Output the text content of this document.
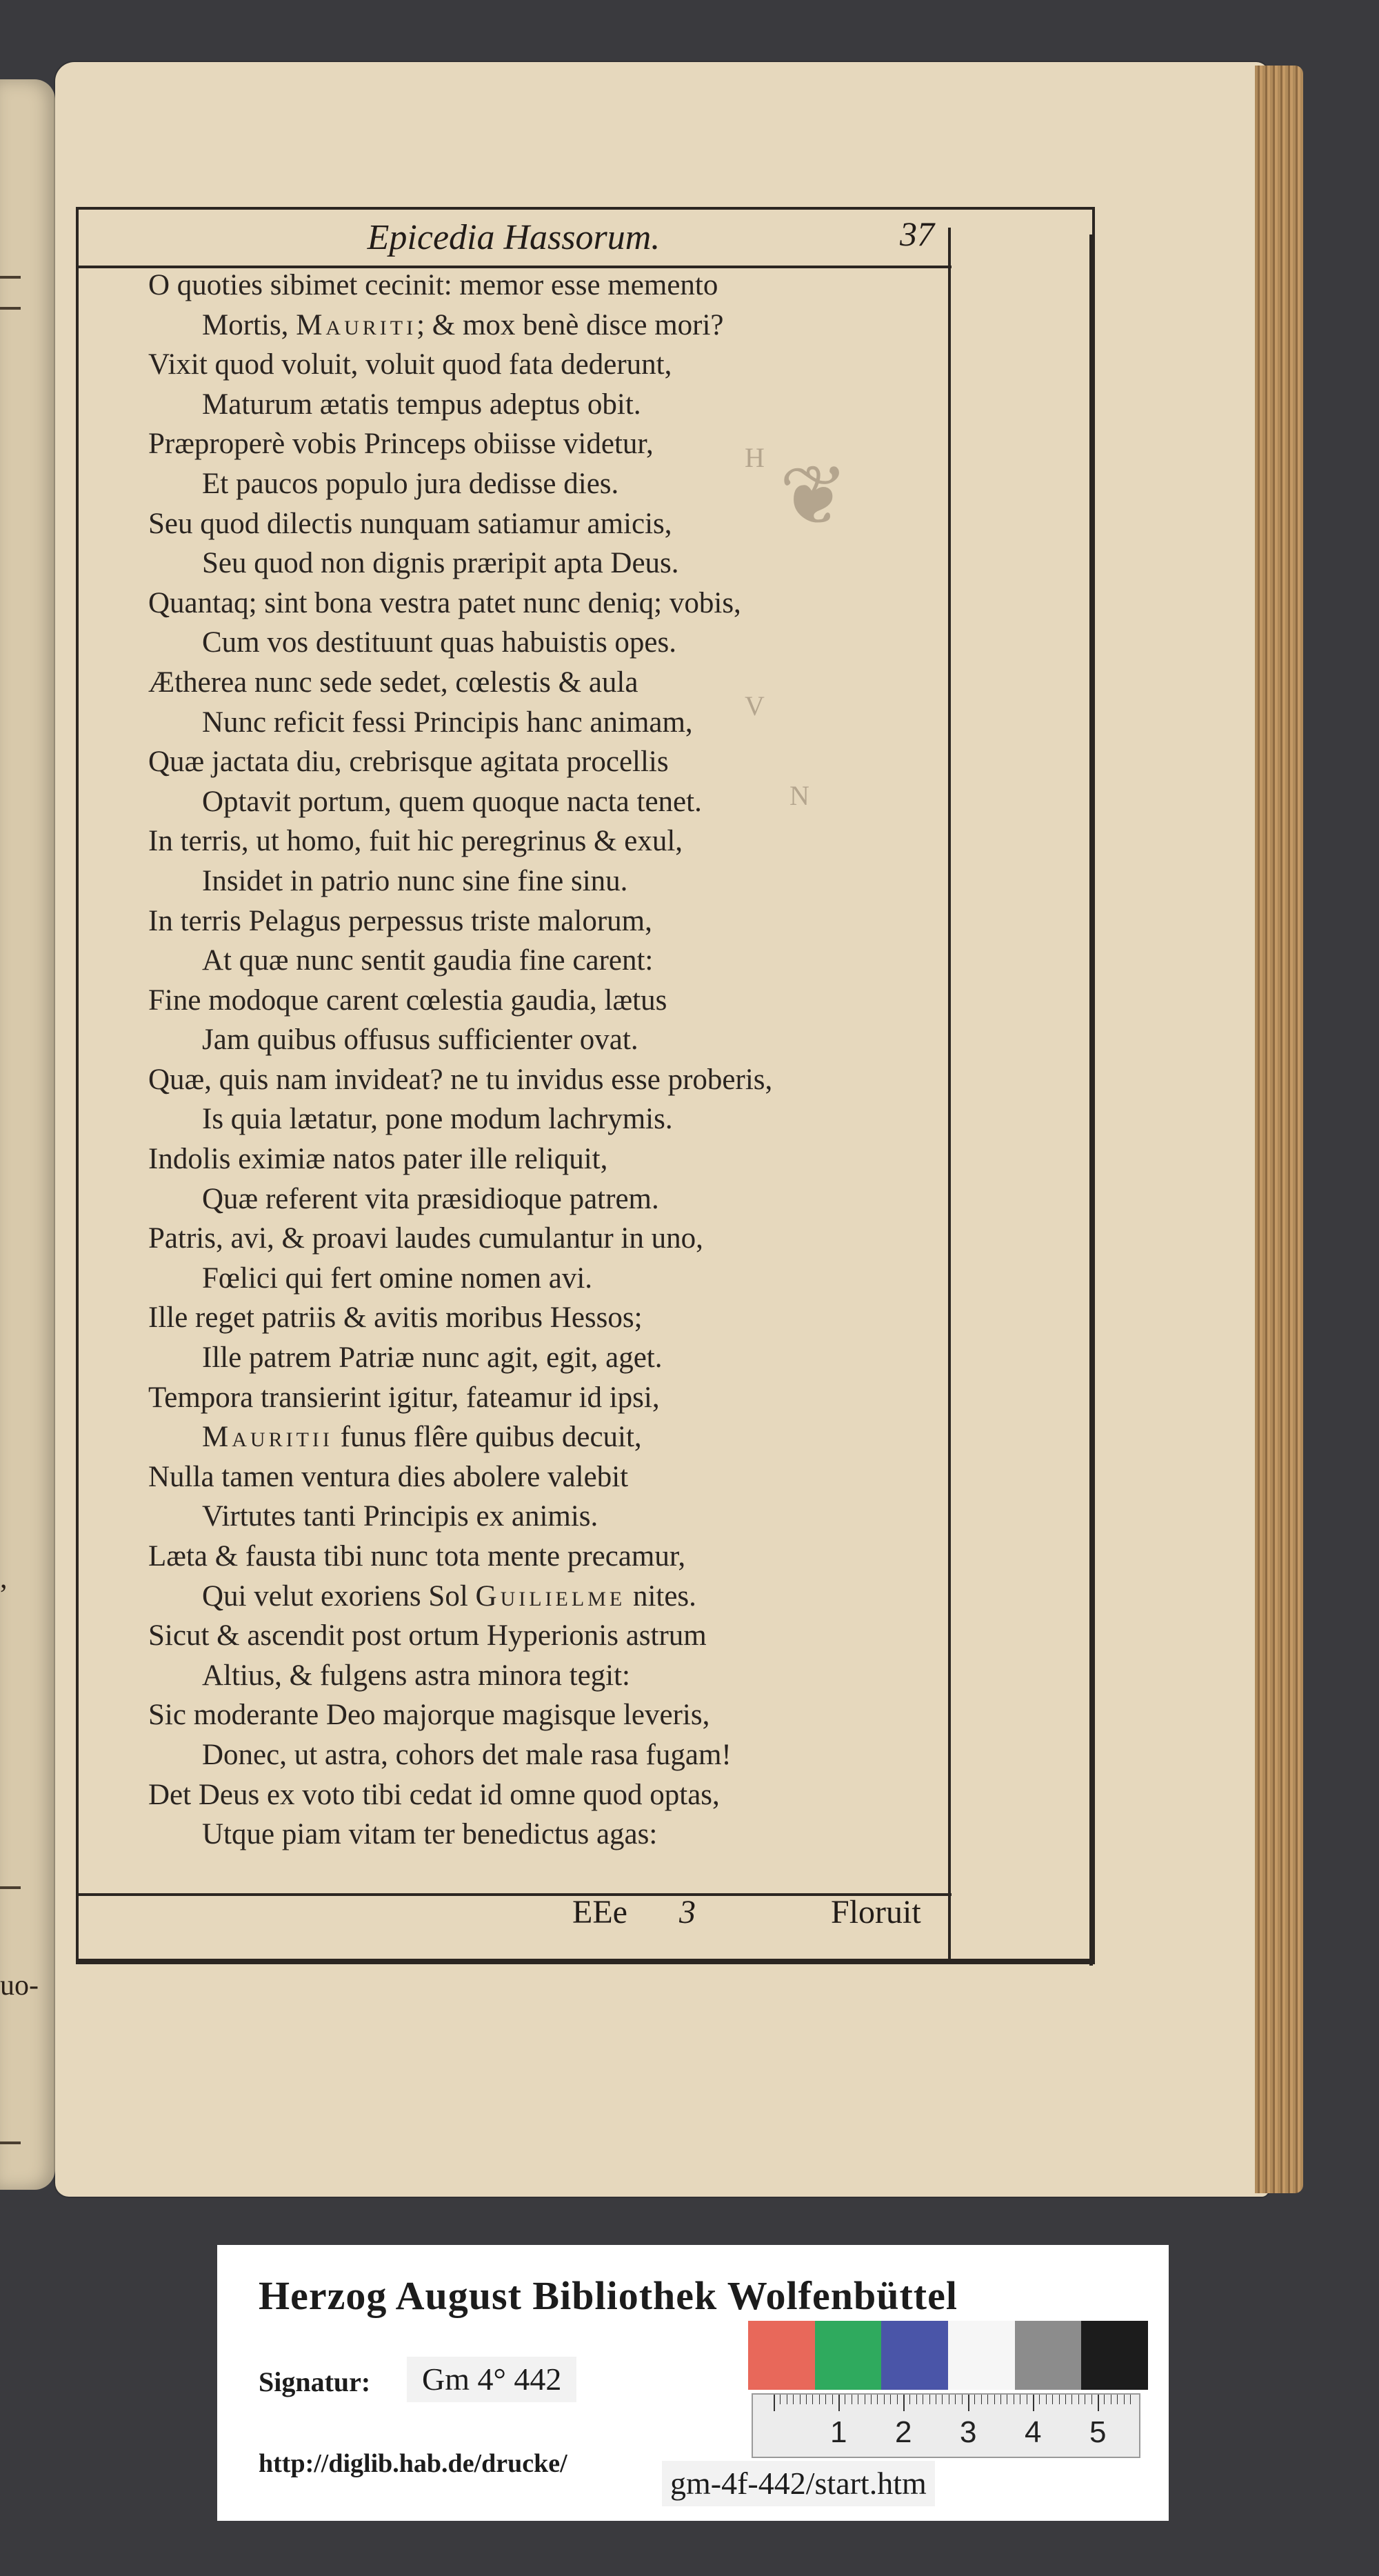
,
uo-
H ❦
V
N
Epicedia Hassorum.	37
O quoties sibimet cecinit: memor esse memento
Mortis, Mauriti; & mox benè disce mori?
Vixit quod voluit, voluit quod fata dederunt,
Maturum ætatis tempus adeptus obit.
Præproperè vobis Princeps obiisse videtur,
Et paucos populo jura dedisse dies.
Seu quod dilectis nunquam satiamur amicis,
Seu quod non dignis præripit apta Deus.
Quantaq; sint bona vestra patet nunc deniq; vobis,
Cum vos destituunt quas habuistis opes.
Ætherea nunc sede sedet, cœlestis & aula
Nunc reficit fessi Principis hanc animam,
Quæ jactata diu, crebrisque agitata procellis
Optavit portum, quem quoque nacta tenet.
In terris, ut homo, fuit hic peregrinus & exul,
Insidet in patrio nunc sine fine sinu.
In terris Pelagus perpessus triste malorum,
At quæ nunc sentit gaudia fine carent:
Fine modoque carent cœlestia gaudia, lætus
Jam quibus offusus sufficienter ovat.
Quæ, quis nam invideat? ne tu invidus esse proberis,
Is quia lætatur, pone modum lachrymis.
Indolis eximiæ natos pater ille reliquit,
Quæ referent vita præsidioque patrem.
Patris, avi, & proavi laudes cumulantur in uno,
Fœlici qui fert omine nomen avi.
Ille reget patriis & avitis moribus Hessos;
Ille patrem Patriæ nunc agit, egit, aget.
Tempora transierint igitur, fateamur id ipsi,
Mauritii funus flêre quibus decuit,
Nulla tamen ventura dies abolere valebit
Virtutes tanti Principis ex animis.
Læta & fausta tibi nunc tota mente precamur,
Qui velut exoriens Sol Guilielme nites.
Sicut & ascendit post ortum Hyperionis astrum
Altius, & fulgens astra minora tegit:
Sic moderante Deo majorque magisque leveris,
Donec, ut astra, cohors det male rasa fugam!
Det Deus ex voto tibi cedat id omne quod optas,
Utque piam vitam ter benedictus agas:
EEe 3	Floruit
Herzog August Bibliothek Wolfenbüttel
Signatur:	Gm 4° 442
http://diglib.hab.de/drucke/
gm-4f-442/start.htm
1 2 3 4 5
